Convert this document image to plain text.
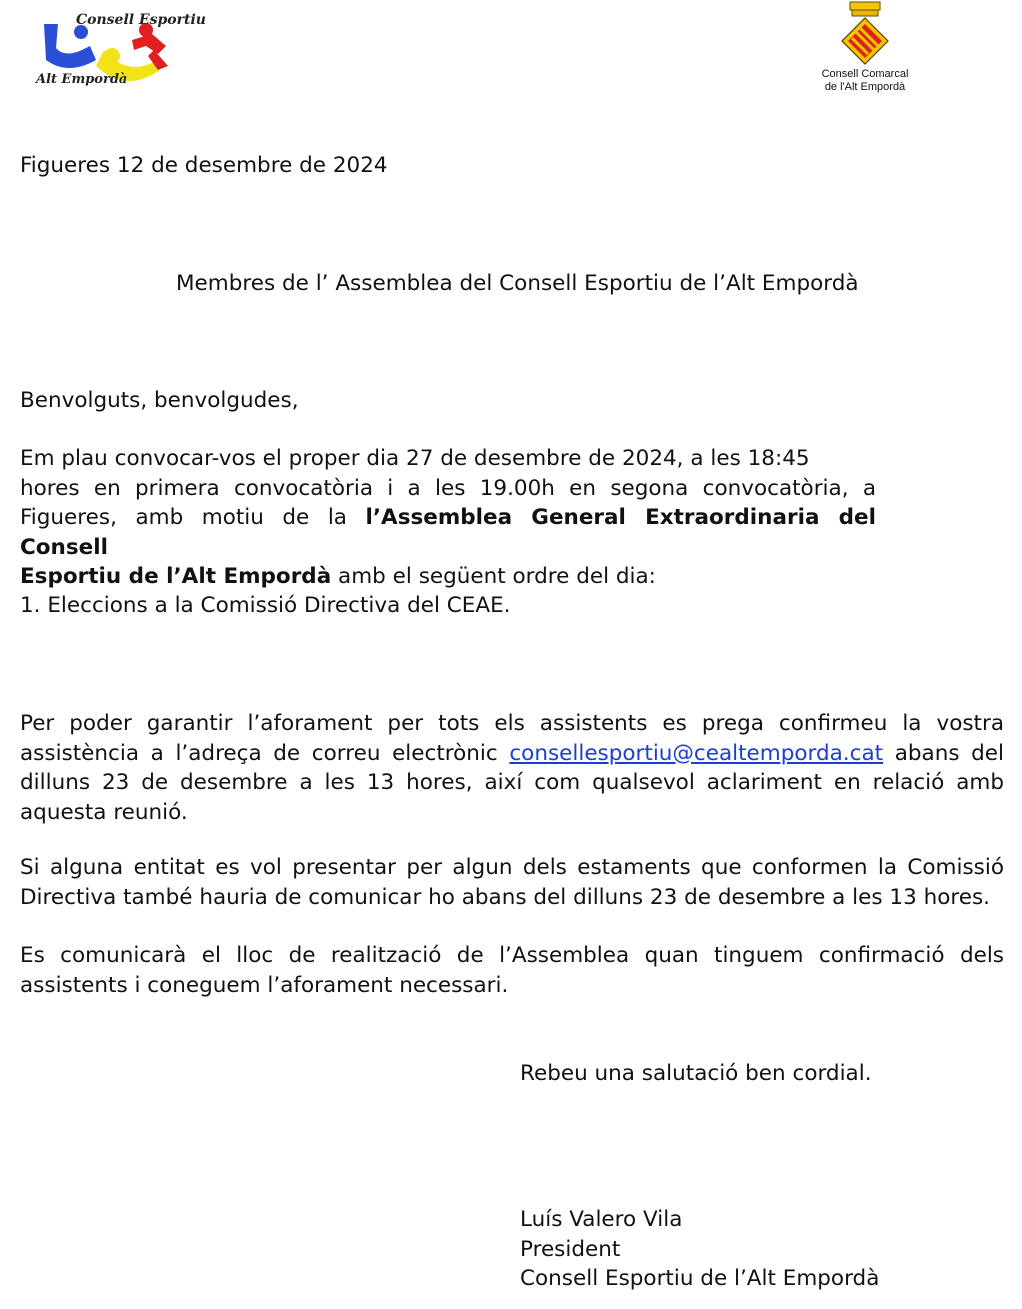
Consell Esportiu
Alt Empordà	Consell Comarcal
de l'Alt Empordà
Figueres 12 de desembre de 2024
Membres de l’ Assemblea del Consell Esportiu de l’Alt Empordà
Benvolguts, benvolgudes,
Em plau convocar-vos el proper dia 27 de desembre de 2024, a les 18:45
hores en primera convocatòria i a les 19.00h en segona convocatòria, a
Figueres, amb motiu de la l’Assemblea General Extraordinaria del Consell
Esportiu de l’Alt Empordà amb el següent ordre del dia:
1. Eleccions a la Comissió Directiva del CEAE.
Per poder garantir l’aforament per tots els assistents es prega confirmeu la vostra assistència a l’adreça de correu electrònic consellesportiu@cealtemporda.cat abans del dilluns 23 de desembre a les 13 hores, així com qualsevol aclariment en relació amb aquesta reunió.
Si alguna entitat es vol presentar per algun dels estaments que conformen la Comissió Directiva també hauria de comunicar ho abans del dilluns 23 de desembre a les 13 hores.
Es comunicarà el lloc de realització de l’Assemblea quan tinguem confirmació dels assistents i coneguem l’aforament necessari.
Rebeu una salutació ben cordial.
Luís Valero Vila
President
Consell Esportiu de l’Alt Empordà
